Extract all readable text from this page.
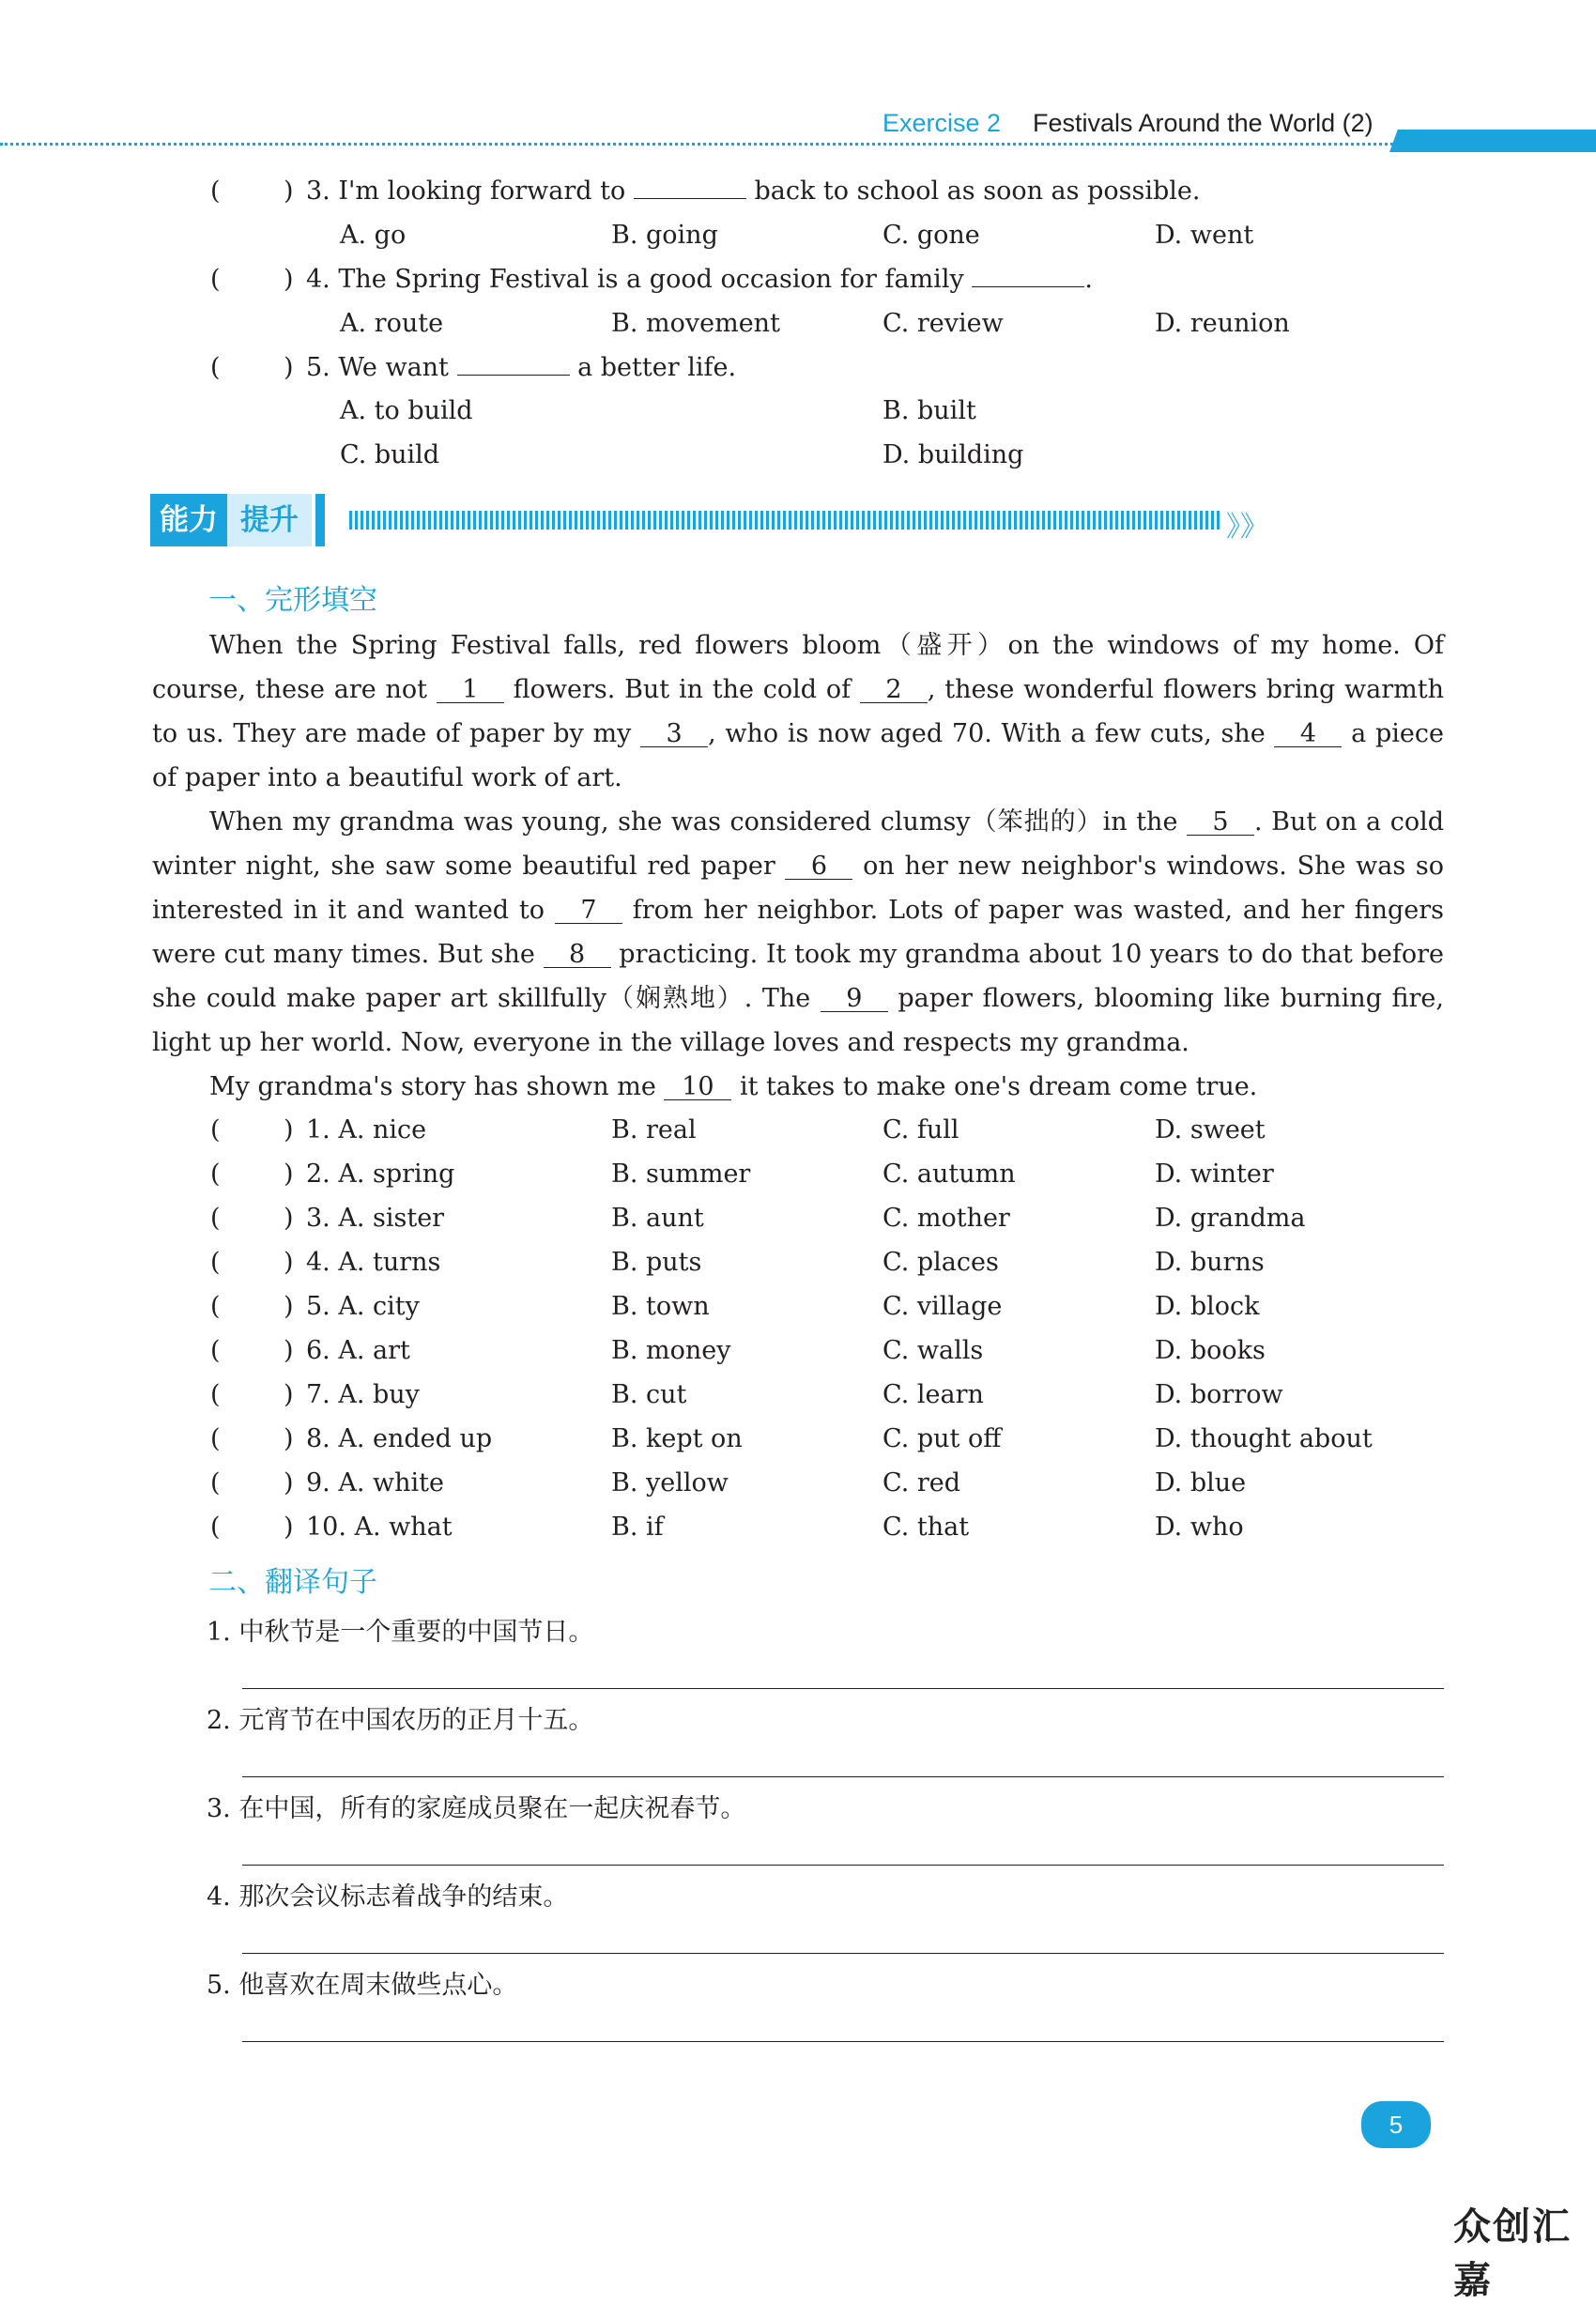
Exercise 2 Festivals Around the World (2)
( ) 3. I'm looking forward to	back to school as soon as possible.
A. go	B. going	C. gone	D. went
( ) 4. The Spring Festival is a good occasion for family	.
A. route	B. movement	C. review	D. reunion
( ) 5. We want	a better life.
A. to build	B. built
C. build	D. building
能力 提升	》》
一、完形填空

When the Spring Festival falls, red flowers bloom（盛开）on the windows of my home. Of course, these are not 1 flowers. But in the cold of 2 , these wonderful flowers bring warmth to us. They are made of paper by my 3 , who is now aged 70. With a few cuts, she 4 a piece of paper into a beautiful work of art.

When my grandma was young, she was considered clumsy（笨拙的）in the 5 . But on a cold winter night, she saw some beautiful red paper 6 on her new neighbor's windows. She was so interested in it and wanted to 7 from her neighbor. Lots of paper was wasted, and her fingers were cut many times. But she 8 practicing. It took my grandma about 10 years to do that before she could make paper art skillfully（娴熟地）. The 9 paper flowers, blooming like burning fire, light up her world. Now, everyone in the village loves and respects my grandma.

My grandma's story has shown me 10 it takes to make one's dream come true.

( ) 1. A. nice	B. real	C. full	D. sweet
( ) 2. A. spring	B. summer	C. autumn	D. winter
( ) 3. A. sister	B. aunt	C. mother	D. grandma
( ) 4. A. turns	B. puts	C. places	D. burns
( ) 5. A. city	B. town	C. village	D. block
( ) 6. A. art	B. money	C. walls	D. books
( ) 7. A. buy	B. cut	C. learn	D. borrow
( ) 8. A. ended up	B. kept on	C. put off	D. thought about
( ) 9. A. white	B. yellow	C. red	D. blue
( ) 10. A. what	B. if	C. that	D. who
二、翻译句子
1. 中秋节是一个重要的中国节日。
2. 元宵节在中国农历的正月十五。
3. 在中国，所有的家庭成员聚在一起庆祝春节。
4. 那次会议标志着战争的结束。
5. 他喜欢在周末做些点心。
5
众创汇嘉
